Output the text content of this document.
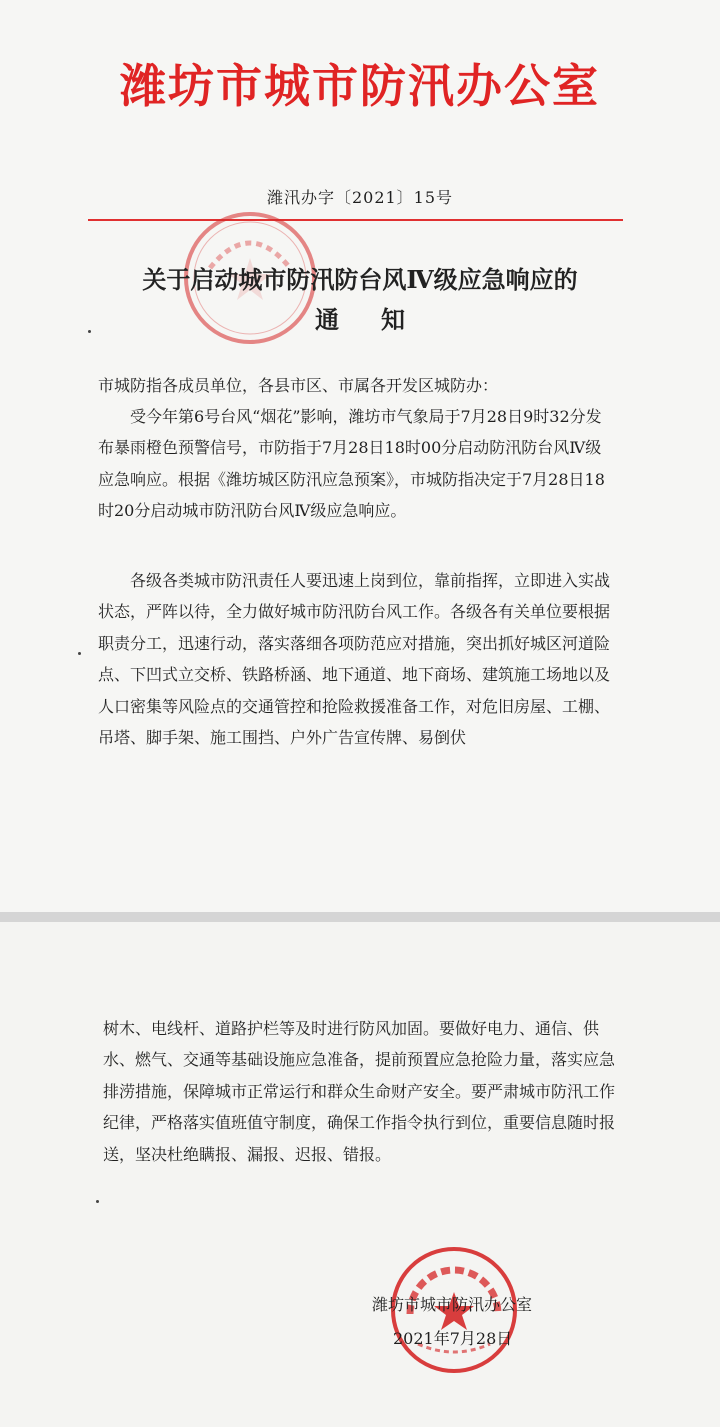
潍坊市城市防汛办公室
潍汛办字〔2021〕15号
关于启动城市防汛防台风Ⅳ级应急响应的
通知

市城防指各成员单位，各县市区、市属各开发区城防办：

受今年第6号台风“烟花”影响，潍坊市气象局于7月28日9时32分发布暴雨橙色预警信号，市防指于7月28日18时00分启动防汛防台风Ⅳ级应急响应。根据《潍坊城区防汛应急预案》，市城防指决定于7月28日18时20分启动城市防汛防台风Ⅳ级应急响应。

各级各类城市防汛责任人要迅速上岗到位，靠前指挥，立即进入实战状态，严阵以待，全力做好城市防汛防台风工作。各级各有关单位要根据职责分工，迅速行动，落实落细各项防范应对措施，突出抓好城区河道险点、下凹式立交桥、铁路桥涵、地下通道、地下商场、建筑施工场地以及人口密集等风险点的交通管控和抢险救援准备工作，对危旧房屋、工棚、吊塔、脚手架、施工围挡、户外广告宣传牌、易倒伏

树木、电线杆、道路护栏等及时进行防风加固。要做好电力、通信、供水、燃气、交通等基础设施应急准备，提前预置应急抢险力量，落实应急排涝措施，保障城市正常运行和群众生命财产安全。要严肃城市防汛工作纪律，严格落实值班值守制度，确保工作指令执行到位，重要信息随时报送，坚决杜绝瞒报、漏报、迟报、错报。

潍坊市城市防汛办公室

2021年7月28日
